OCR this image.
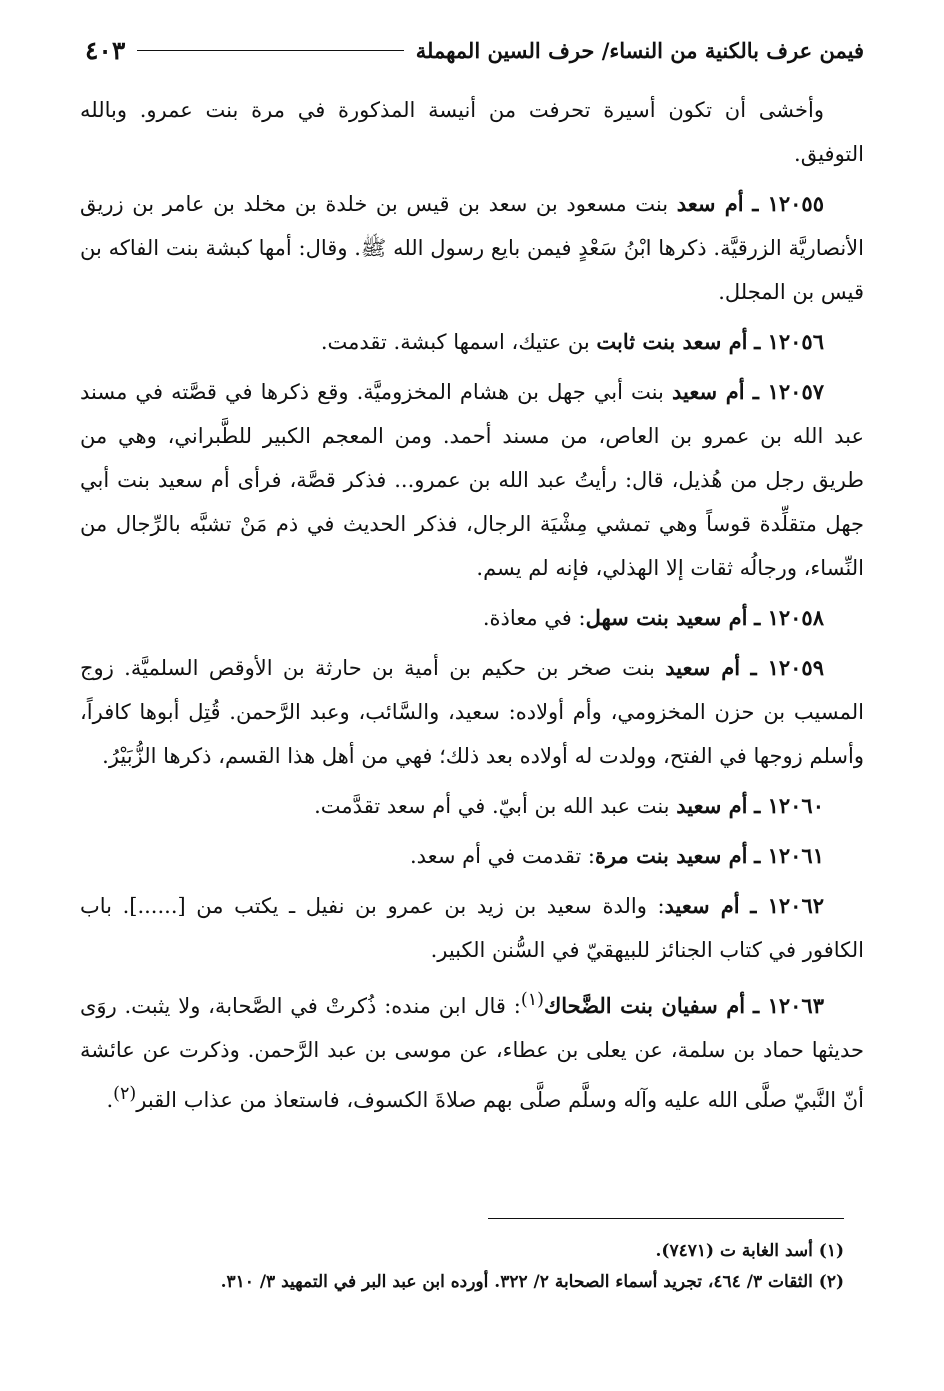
فيمن عرف بالكنية من النساء/ حرف السين المهملة
٤٠٣

وأخشى أن تكون أسيرة تحرفت من أنيسة المذكورة في مرة بنت عمرو. وبالله التوفيق.

١٢٠٥٥ ـ أم سعد بنت مسعود بن سعد بن قيس بن خلدة بن مخلد بن عامر بن زريق الأنصاريَّة الزرقيَّة. ذكرها ابْنُ سَعْدٍ فيمن بايع رسول الله ﷺ. وقال: أمها كبشة بنت الفاكه بن قيس بن المجلل.

١٢٠٥٦ ـ أم سعد بنت ثابت بن عتيك، اسمها كبشة. تقدمت.

١٢٠٥٧ ـ أم سعيد بنت أبي جهل بن هشام المخزوميَّة. وقع ذكرها في قصَّته في مسند عبد الله بن عمرو بن العاص، من مسند أحمد. ومن المعجم الكبير للطَّبراني، وهي من طريق رجل من هُذيل، قال: رأيتُ عبد الله بن عمرو... فذكر قصَّة، فرأى أم سعيد بنت أبي جهل متقلِّدة قوساً وهي تمشي مِشْيَة الرجال، فذكر الحديث في ذم مَنْ تشبَّه بالرِّجال من النِّساء، ورجالُه ثقات إلا الهذلي، فإنه لم يسم.

١٢٠٥٨ ـ أم سعيد بنت سهل: في معاذة.

١٢٠٥٩ ـ أم سعيد بنت صخر بن حكيم بن أمية بن حارثة بن الأوقص السلميَّة. زوج المسيب بن حزن المخزومي، وأم أولاده: سعيد، والسَّائب، وعبد الرَّحمن. قُتِل أبوها كافراً، وأسلم زوجها في الفتح، وولدت له أولاده بعد ذلك؛ فهي من أهل هذا القسم، ذكرها الزُّبَيْرُ.

١٢٠٦٠ ـ أم سعيد بنت عبد الله بن أبيّ. في أم سعد تقدَّمت.

١٢٠٦١ ـ أم سعيد بنت مرة: تقدمت في أم سعد.

١٢٠٦٢ ـ أم سعيد: والدة سعيد بن زيد بن عمرو بن نفيل ـ يكتب من [......]. باب الكافور في كتاب الجنائز للبيهقيّ في السُّنن الكبير.

١٢٠٦٣ ـ أم سفيان بنت الضَّحاك$^{(١)}$: قال ابن منده: ذُكرتْ في الصَّحابة، ولا يثبت. روَى حديثها حماد بن سلمة، عن يعلى بن عطاء، عن موسى بن عبد الرَّحمن. وذكرت عن عائشة أنّ النَّبيّ صلَّى الله عليه وآله وسلَّم صلَّى بهم صلاةَ الكسوف، فاستعاذ من عذاب القبر$^{(٢)}$.

(١) أسد الغابة ت (٧٤٧١).

(٢) الثقات ٣/ ٤٦٤، تجريد أسماء الصحابة ٢/ ٣٢٢. أورده ابن عبد البر في التمهيد ٣/ ٣١٠.
